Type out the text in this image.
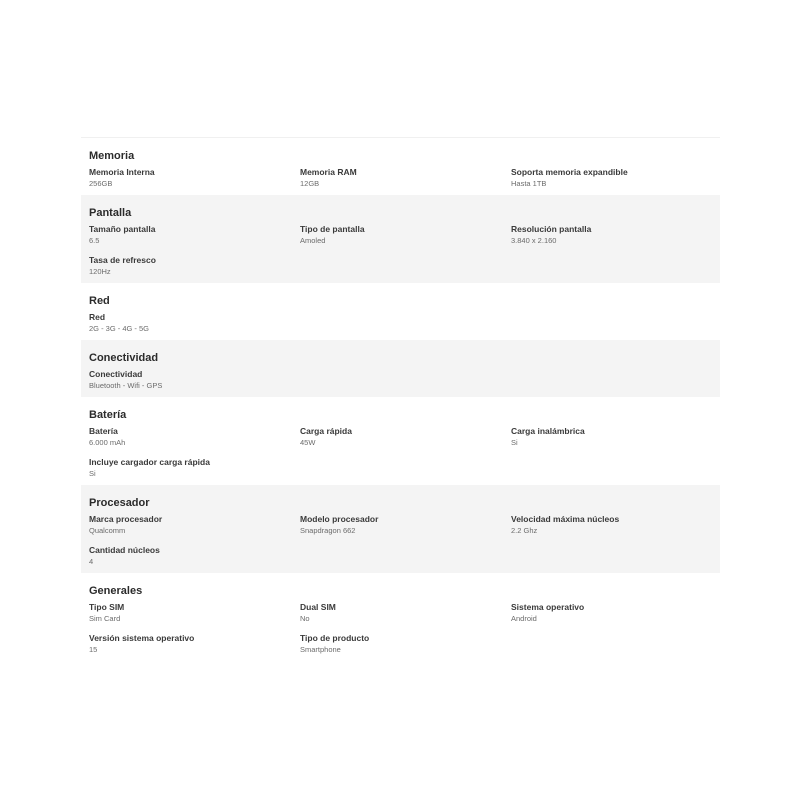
Memoria
Memoria Interna
256GB
Memoria RAM
12GB
Soporta memoria expandible
Hasta 1TB
Pantalla
Tamaño pantalla
6.5
Tipo de pantalla
Amoled
Resolución pantalla
3.840 x 2.160
Tasa de refresco
120Hz
Red
Red
2G - 3G - 4G - 5G
Conectividad
Conectividad
Bluetooth - Wifi - GPS
Batería
Batería
6.000 mAh
Carga rápida
45W
Carga inalámbrica
Si
Incluye cargador carga rápida
Si
Procesador
Marca procesador
Qualcomm
Modelo procesador
Snapdragon 662
Velocidad máxima núcleos
2.2 Ghz
Cantidad núcleos
4
Generales
Tipo SIM
Sim Card
Dual SIM
No
Sistema operativo
Android
Versión sistema operativo
15
Tipo de producto
Smartphone
